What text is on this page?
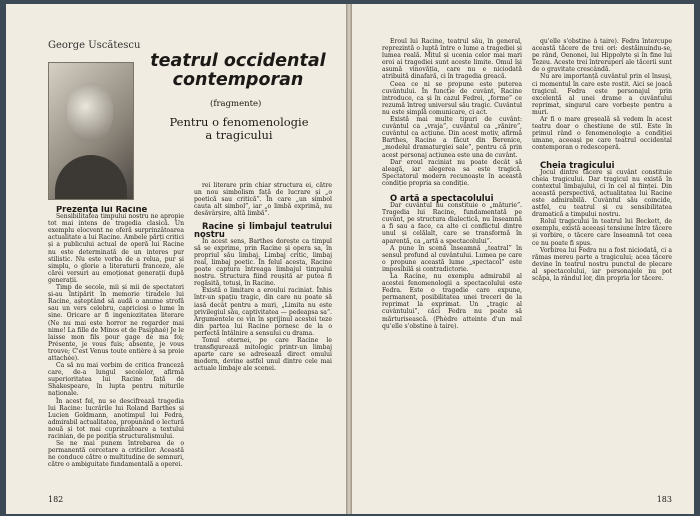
George Uscătescu
teatrul occidental
contemporan
(fragmente)
Pentru o fenomenologie
a tragicului

Prezența lui Racine

Sensibilitatea timpului nostru ne apropie tot mai intens de tragedia clasică. Un exemplu elocvent ne oferă surprinzătoarea actualitate a lui Racine. Ambele părți critici și a publicului actual de operă lui Racine nu este determinată de un interes pur stilistic. Nu este vorba de a relua, pur și simplu, o glorie a literaturii franceze, ale cărei versuri au emoționat generații după generații.

Timp de secole, mii și mii de spectatori și-au întipărit în memorie tiradele lui Racine, așteptând să audă o anume strofă sau un vers celebru, capricioși o lume în sine. Oricare ar fi ingeniozitatea literare (Ne nu mai este horror ne regarder mai nime! La fille de Minos et de Pasiphaé) Je le laisse mon fils pour gage de ma foi; Présente, je vous fuis; absente, je vous trouve; C'est Venus toute entière à sa proie attachée).

Ca să nu mai vorbim de critica franceză care, de-a lungul secolelor, afirmă superioritatea lui Racine față de Shakespeare, în lupta pentru miturile naționale.

În acest fel, nu se descifrează tragedia lui Racine: lucrările lui Roland Barthes și Lucien Goldmann, anotimpul lui Fedra, admirabil actualitatea, propunând o lectură nouă și tot mai cuprinzătoare a textului racinian, de pe poziția structuralismului.

Se ne mai punem întrebarea de o permanentă cercetare a criticilor. Această ne conduce către o multitudine de semnuri, către o ambiguitate fundamentală a operei.

rei literare prin chiar structura ei, către un nou simbolism față de lucrare și „o poetică sau critică”. În care „un simbol cauta alt simbol”, iar „o limbă exprimă, nu desăvârșire, altă limbă”.

Racine și limbajul teatrului nostru

În acest sens, Barthes dorește ca timpul să se exprime, prin Racine și opera sa, în propriul său limbaj. Limbaj critic, limbaj real, limbaj poetic. În felul acesta, Racine poate captura întreaga limbajul timpului nostru. Structura fiind reușită ar putea fi regăsită, totuși, în Racine.

Există o limitare a eroului raciniat. Înhis într-un spațiu tragic, din care nu poate să iasă decât pentru a muri, „Limita nu este privilegiul său, captivitatea — pedeapsa sa”. Argumentele ce vin în sprijinul acestei teze din partea lui Racine pornesc de la o perfectă întâlnire a sensului cu drama.

Tonul eternei, pe care Racine le transfigurează mitologic printr-un limbaj aparte care se adresează direct omului modern, devine astfel unul dintre cele mai actuale limbaje ale scenei.

182

Eroul lui Racine, teatrul său, în general, reprezintă o luptă între o lume a tragediei și lumea reală. Mitul și ucenia celor mai mari eroi ai tragediei sunt aceste limite. Omul își asumă vinovăția, care nu e niciodată atribuită dinafară, ci în tragedia greacă.

Ceea ce ni se propune este puterea cuvântului. În funcție de cuvânt, Racine introduce, ca și în cazul Fedrei, „forme” ce rezumă întreg universul său tragic. Cuvântul nu este simplă comunicare, ci act.

Există mai multe tipuri de cuvânt: cuvântul ca „vraja”, cuvântul ca „rănire”, cuvântul ca acțiune. Din acest motiv, afirmă Barthes, Racine a făcut din Berenice, „modelul dramaturgiei sale”, pentru că prin acest personaj acțiunea este una de cuvânt.

Dar eroul raciniat nu poate decât să aleagă, iar alegerea sa este tragică. Spectatorul modern recunoaște în această condiție propria sa condiție.

O artă a spectacolului

Dar cuvântul nu constituie o „măturie”. Tragedia lui Racine, fundamentată pe cuvânt, pe structura dialectică, nu înseamnă a fi sau a face, ca alte ci conflictul dintre unul și celălalt, care se transformă în aparență, ca „artă a spectacolului”.

A pune în scenă înseamnă „teatral” în sensul profund al cuvântului. Lumea pe care o propune această lume „spectacol” este imposibilă și contradictorie.

La Racine, nu exemplu admirabil al acestei fenomenologii a spectacolului este Fedra. Este o tragedie care expune, permanent, posibilitatea unei treceri de la reprimat la exprimat. Un „tragic al cuvântului”, căci Fedra nu poate să mărturisească. (Phèdre atteinte d'un mal qu'elle s'obstine à taire).

qu'elle s'obstine à taire). Fedra întercupe această tăcere de trei ori: destăinuindu-se, pe rând, Oenonei, lui Hippolyte și în fine lui Tezeu. Aceste trei întreruperi ale tăcerii sunt de o gravitate crescândă.

Nu are importanță cuvântul prin el însuși, ci momentul în care este rostit. Aici se joacă tragicul. Fedra este personajul prin excelență al unei drame a cuvântului reprimat, singurul care vorbește pentru a muri.

Ar fi o mare greșeală să vedem în acest teatru doar o chestiune de stil. Este în primul rând o fenomenologie a condiției umane, aceeași pe care teatrul occidental contemporan o redescoperă.

Cheia tragicului

Jocul dintre tăcere și cuvânt constituie cheia tragicului. Dar tragicul nu există în contextul limbajului, ci în cel al ființei. Din această perspectivă, actualitatea lui Racine este admirabilă. Cuvântul său coincide, astfel, cu teatrul și cu sensibilitatea dramatică a timpului nostru.

Rolul tragicului în teatrul lui Beckett, de exemplu, există aceeași tensiune între tăcere și vorbire, o tăcere care înseamnă tot ceea ce nu poate fi spus.

Vorbirea lui Fedra nu a fost niciodată, ci a rămas mereu parte a tragicului; acea tăcere devine în teatrul nostru punctul de plecare al spectacolului, iar personajele nu pot scăpa, la rândul lor, din propria lor tăcere.

183
